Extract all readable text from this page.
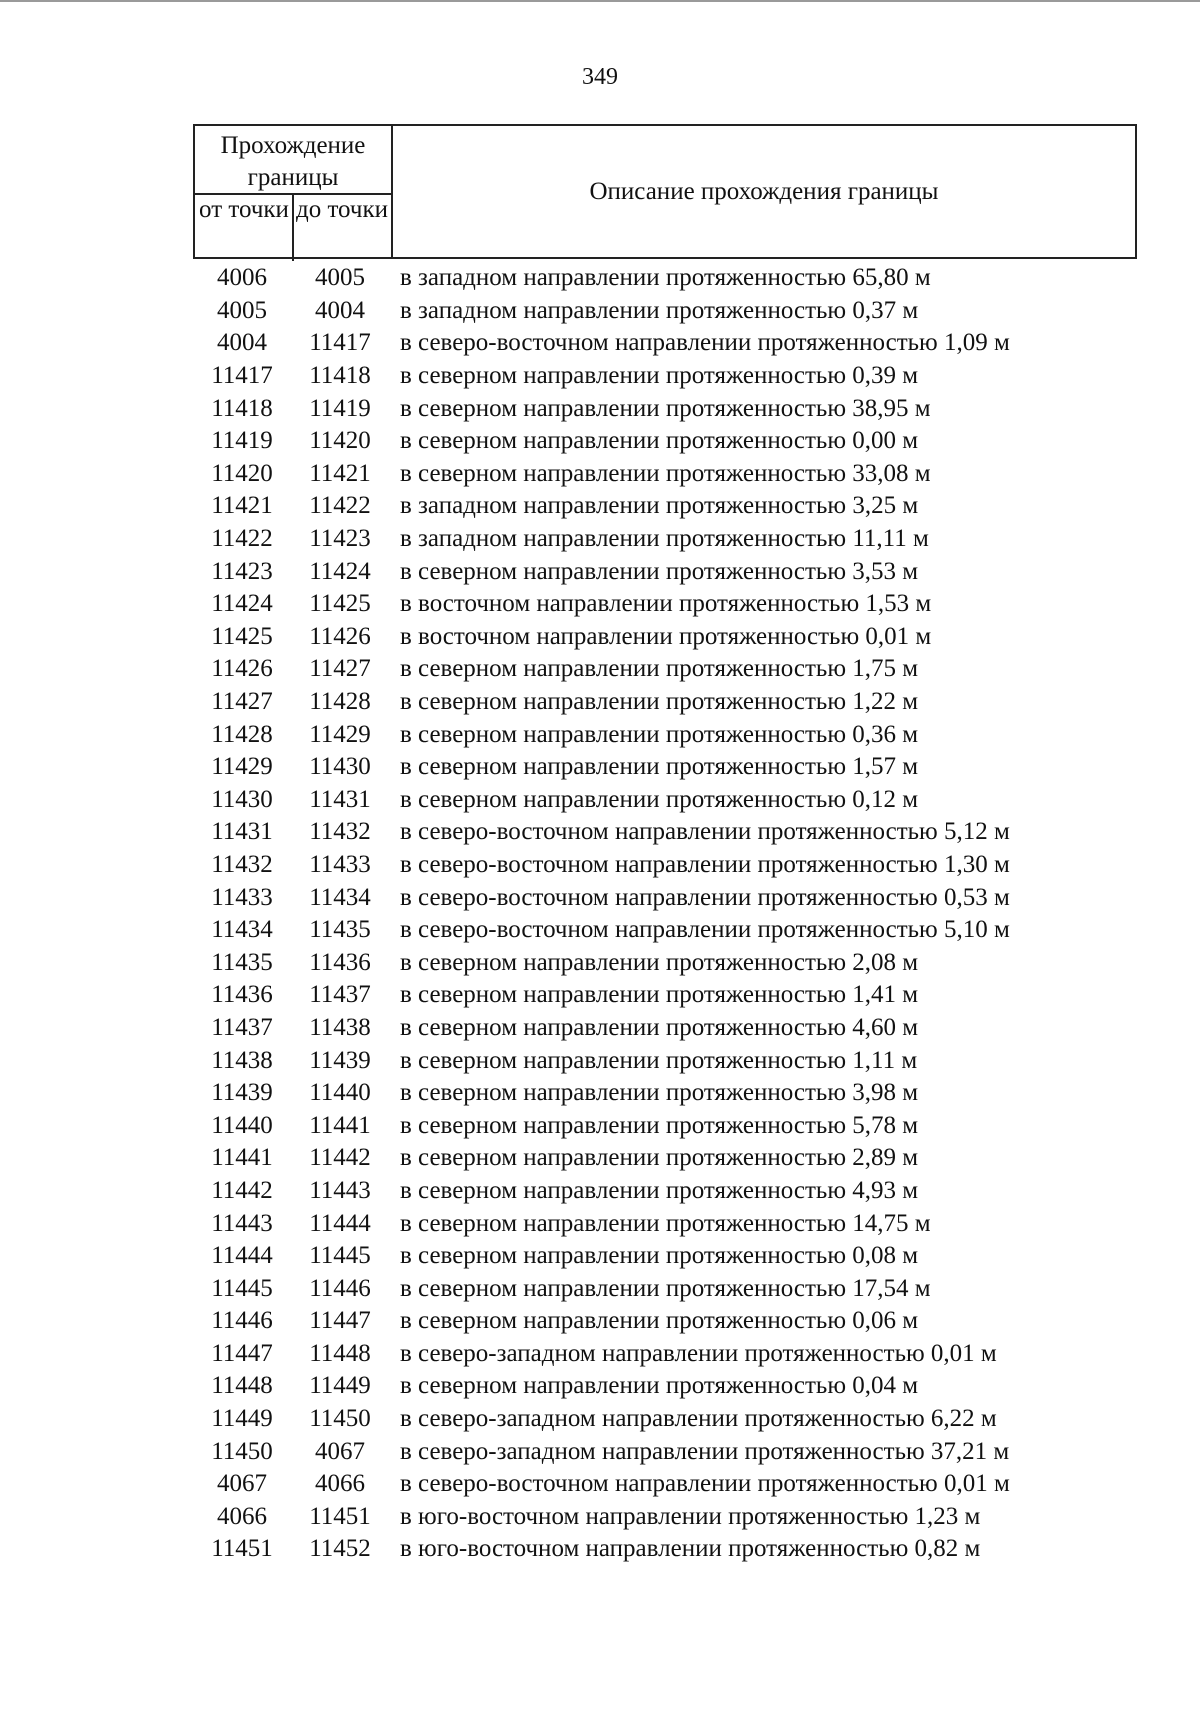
349
Прохождение границы
от точки до точки
Описание прохождения границы
4006	4005	в западном направлении протяженностью 65,80 м
4005	4004	в западном направлении протяженностью 0,37 м
4004	11417	в северо-восточном направлении протяженностью 1,09 м
11417	11418	в северном направлении протяженностью 0,39 м
11418	11419	в северном направлении протяженностью 38,95 м
11419	11420	в северном направлении протяженностью 0,00 м
11420	11421	в северном направлении протяженностью 33,08 м
11421	11422	в западном направлении протяженностью 3,25 м
11422	11423	в западном направлении протяженностью 11,11 м
11423	11424	в северном направлении протяженностью 3,53 м
11424	11425	в восточном направлении протяженностью 1,53 м
11425	11426	в восточном направлении протяженностью 0,01 м
11426	11427	в северном направлении протяженностью 1,75 м
11427	11428	в северном направлении протяженностью 1,22 м
11428	11429	в северном направлении протяженностью 0,36 м
11429	11430	в северном направлении протяженностью 1,57 м
11430	11431	в северном направлении протяженностью 0,12 м
11431	11432	в северо-восточном направлении протяженностью 5,12 м
11432	11433	в северо-восточном направлении протяженностью 1,30 м
11433	11434	в северо-восточном направлении протяженностью 0,53 м
11434	11435	в северо-восточном направлении протяженностью 5,10 м
11435	11436	в северном направлении протяженностью 2,08 м
11436	11437	в северном направлении протяженностью 1,41 м
11437	11438	в северном направлении протяженностью 4,60 м
11438	11439	в северном направлении протяженностью 1,11 м
11439	11440	в северном направлении протяженностью 3,98 м
11440	11441	в северном направлении протяженностью 5,78 м
11441	11442	в северном направлении протяженностью 2,89 м
11442	11443	в северном направлении протяженностью 4,93 м
11443	11444	в северном направлении протяженностью 14,75 м
11444	11445	в северном направлении протяженностью 0,08 м
11445	11446	в северном направлении протяженностью 17,54 м
11446	11447	в северном направлении протяженностью 0,06 м
11447	11448	в северо-западном направлении протяженностью 0,01 м
11448	11449	в северном направлении протяженностью 0,04 м
11449	11450	в северо-западном направлении протяженностью 6,22 м
11450	4067	в северо-западном направлении протяженностью 37,21 м
4067	4066	в северо-восточном направлении протяженностью 0,01 м
4066	11451	в юго-восточном направлении протяженностью 1,23 м
11451	11452	в юго-восточном направлении протяженностью 0,82 м
